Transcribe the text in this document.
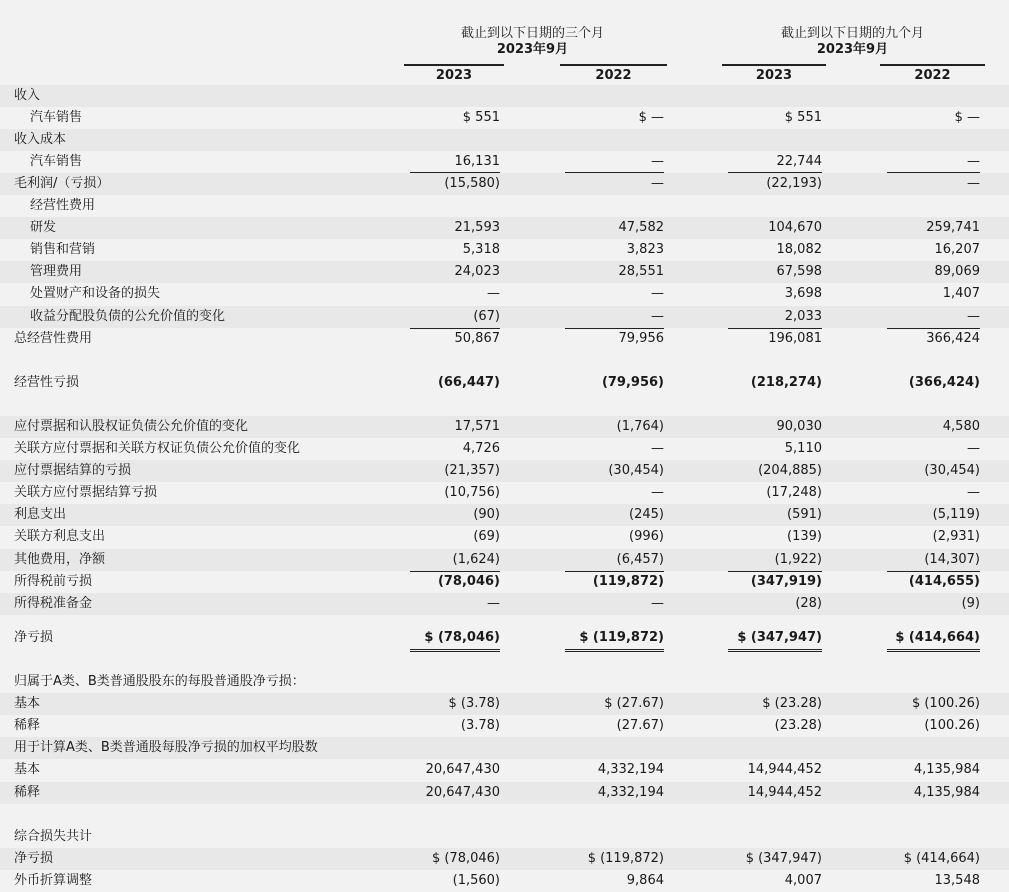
截止到以下日期的三个月
2023年9月
截止到以下日期的九个月
2023年9月
2023	2022	2023	2022
收入
汽车销售	$ 551	$ —	$ 551	$ —
收入成本
汽车销售	16,131	—	22,744	—
毛利润/（亏损）	(15,580)	—	(22,193)	—
经营性费用
研发	21,593	47,582	104,670	259,741
销售和营销	5,318	3,823	18,082	16,207
管理费用	24,023	28,551	67,598	89,069
处置财产和设备的损失	—	—	3,698	1,407
收益分配股负债的公允价值的变化	(67)	—	2,033	—
总经营性费用	50,867	79,956	196,081	366,424
经营性亏损	(66,447)	(79,956)	(218,274)	(366,424)
应付票据和认股权证负债公允价值的变化	17,571	(1,764)	90,030	4,580
关联方应付票据和关联方权证负债公允价值的变化	4,726	—	5,110	—
应付票据结算的亏损	(21,357)	(30,454)	(204,885)	(30,454)
关联方应付票据结算亏损	(10,756)	—	(17,248)	—
利息支出	(90)	(245)	(591)	(5,119)
关联方利息支出	(69)	(996)	(139)	(2,931)
其他费用，净额	(1,624)	(6,457)	(1,922)	(14,307)
所得税前亏损	(78,046)	(119,872)	(347,919)	(414,655)
所得税准备金	—	—	(28)	(9)
净亏损	$ (78,046)	$ (119,872)	$ (347,947)	$ (414,664)
归属于A类、B类普通股股东的每股普通股净亏损：
基本	$ (3.78)	$ (27.67)	$ (23.28)	$ (100.26)
稀释	(3.78)	(27.67)	(23.28)	(100.26)
用于计算A类、B类普通股每股净亏损的加权平均股数
基本	20,647,430	4,332,194	14,944,452	4,135,984
稀释	20,647,430	4,332,194	14,944,452	4,135,984
综合损失共计
净亏损	$ (78,046)	$ (119,872)	$ (347,947)	$ (414,664)
外币折算调整	(1,560)	9,864	4,007	13,548
